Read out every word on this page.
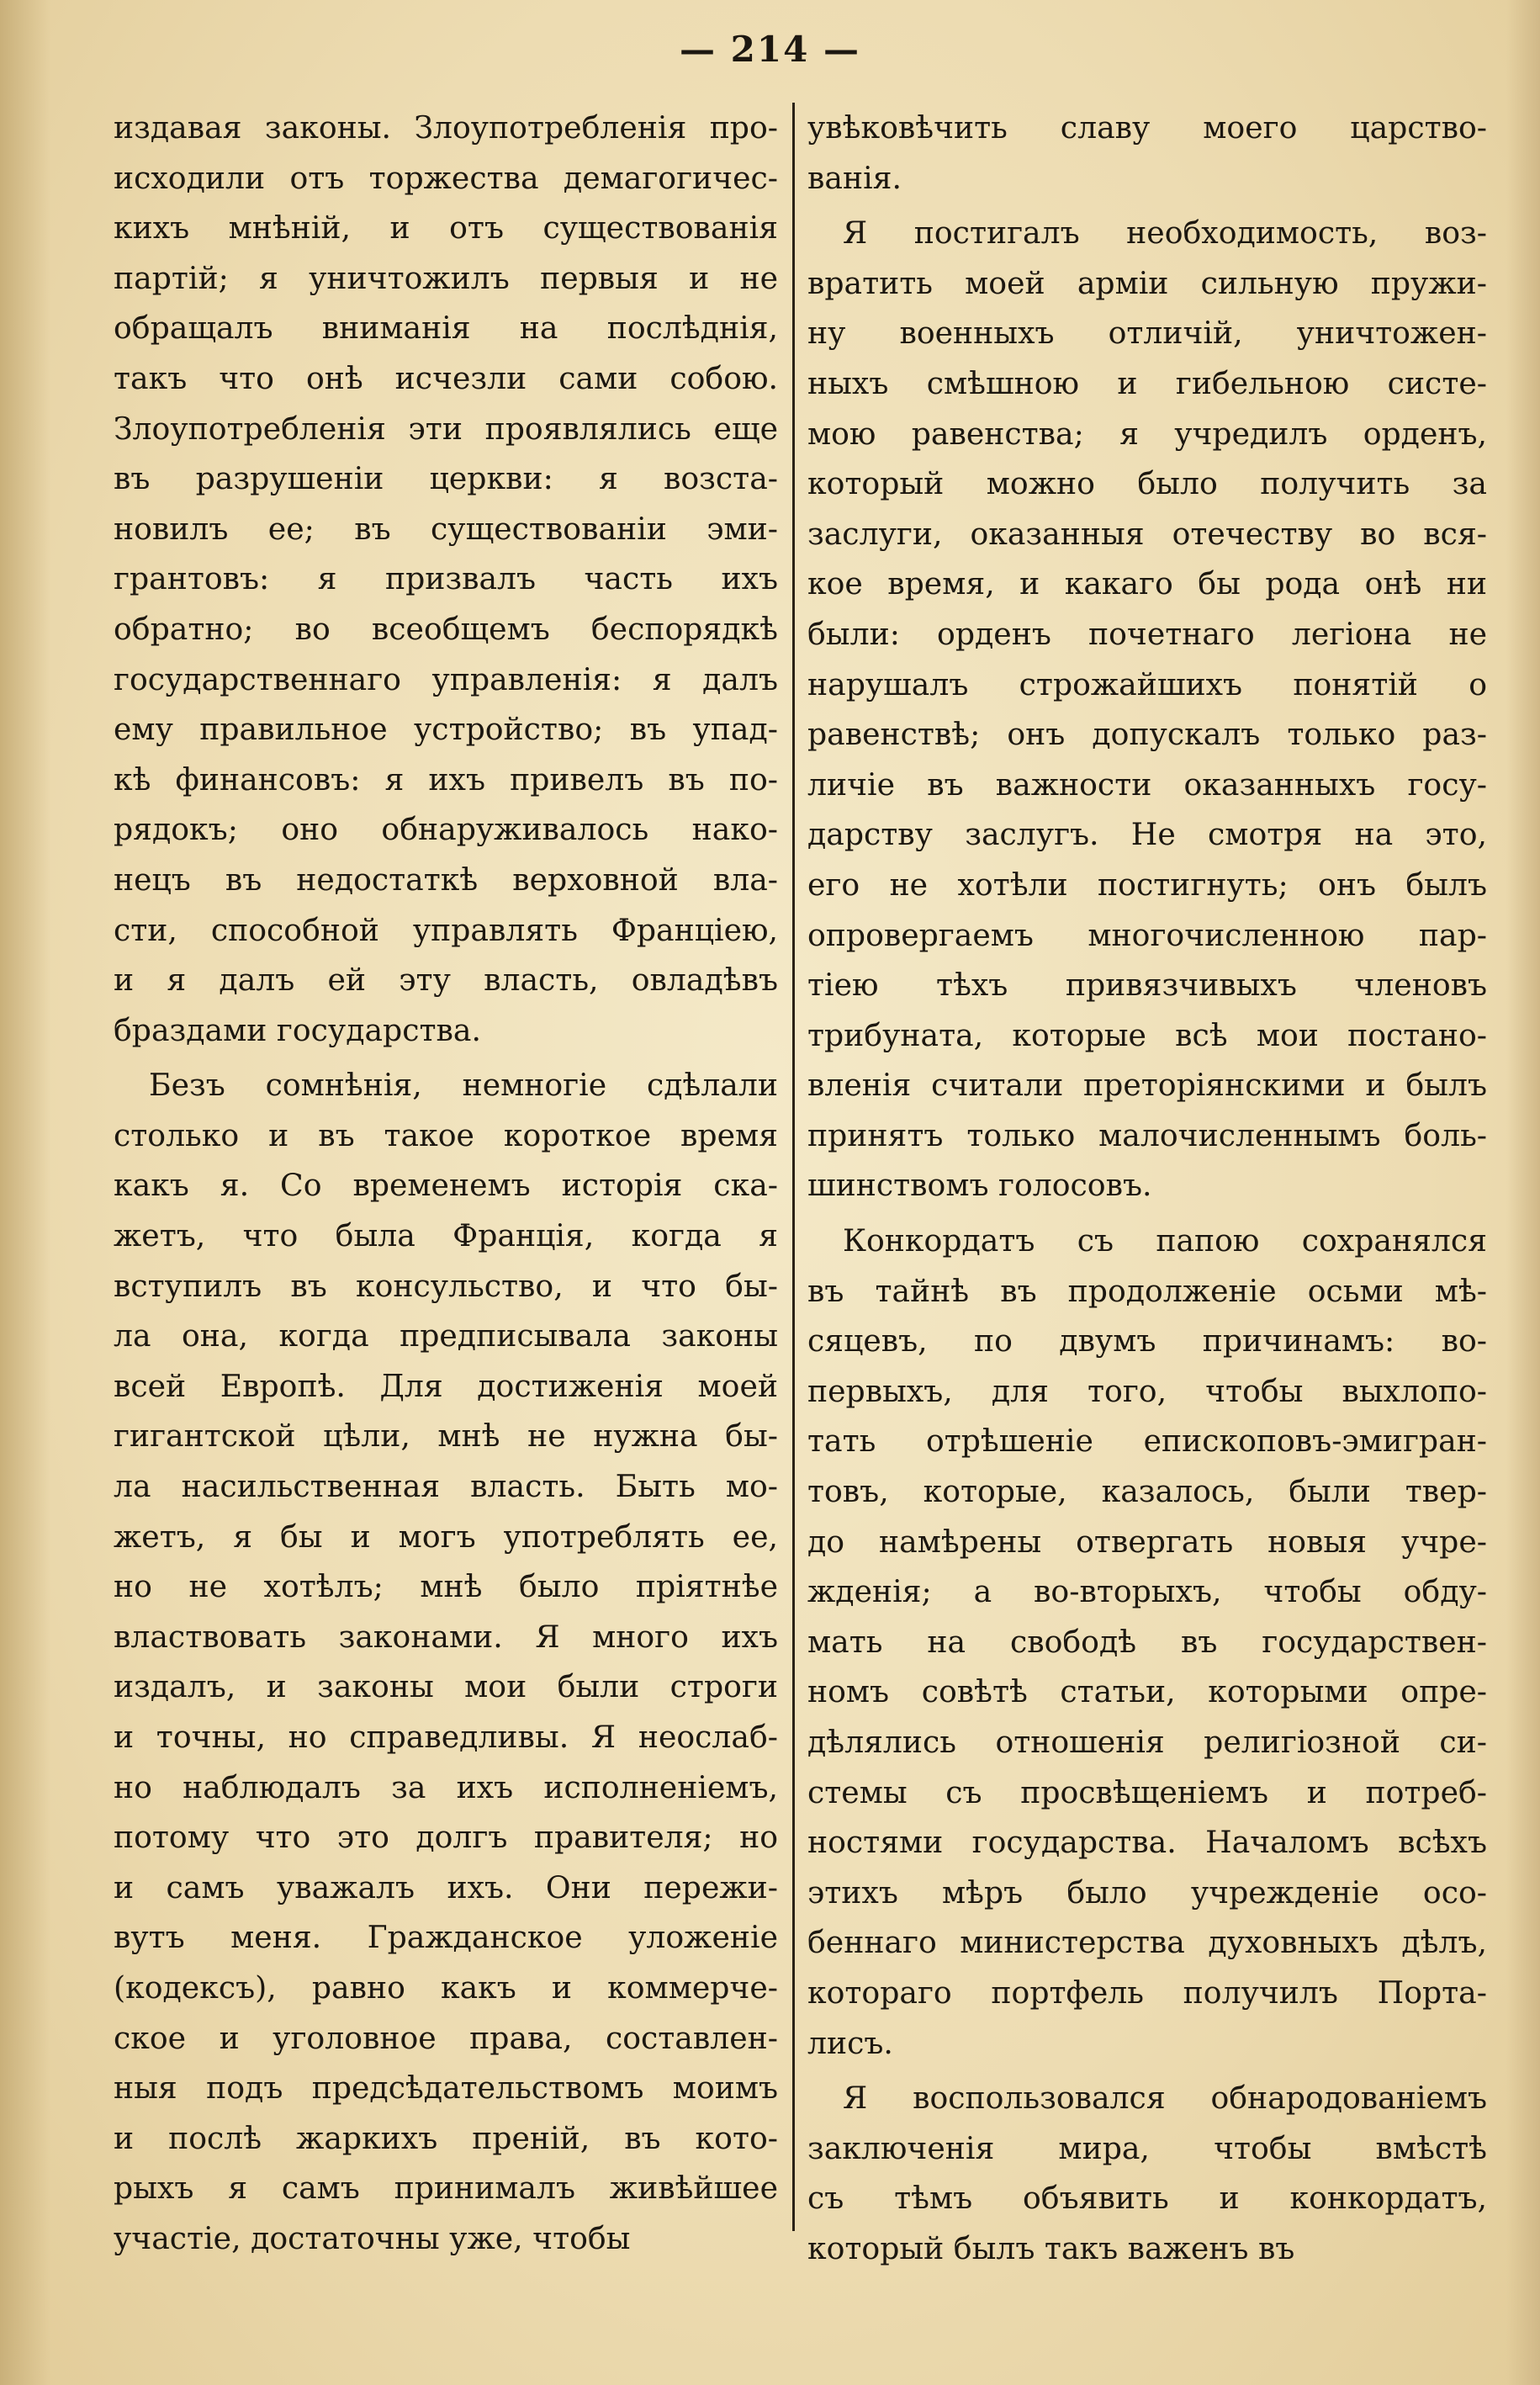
— 214 —
издавая законы. Злоупотребленія про-
исходили отъ торжества демагогичес-
кихъ мнѣній, и отъ существованія
партій; я уничтожилъ первыя и не
обращалъ вниманія на послѣднія,
такъ что онѣ исчезли сами собою.
Злоупотребленія эти проявлялись еще
въ разрушеніи церкви: я возста-
новилъ ее; въ существованіи эми-
грантовъ: я призвалъ часть ихъ
обратно; во всеобщемъ беспорядкѣ
государственнаго управленія: я далъ
ему правильное устройство; въ упад-
кѣ финансовъ: я ихъ привелъ въ по-
рядокъ; оно обнаруживалось нако-
нецъ въ недостаткѣ верховной вла-
сти, способной управлять Франціею,
и я далъ ей эту власть, овладѣвъ
браздами государства.
Безъ сомнѣнія, немногіе сдѣлали
столько и въ такое короткое время
какъ я. Со временемъ исторія ска-
жетъ, что была Франція, когда я
вступилъ въ консульство, и что бы-
ла она, когда предписывала законы
всей Европѣ. Для достиженія моей
гигантской цѣли, мнѣ не нужна бы-
ла насильственная власть. Быть мо-
жетъ, я бы и могъ употреблять ее,
но не хотѣлъ; мнѣ было пріятнѣе
властвовать законами. Я много ихъ
издалъ, и законы мои были строги
и точны, но справедливы. Я неослаб-
но наблюдалъ за ихъ исполненіемъ,
потому что это долгъ правителя; но
и самъ уважалъ ихъ. Они пережи-
вутъ меня. Гражданское уложеніе
(кодексъ), равно какъ и коммерче-
ское и уголовное права, составлен-
ныя подъ предсѣдательствомъ моимъ
и послѣ жаркихъ преній, въ кото-
рыхъ я самъ принималъ живѣйшее
участіе, достаточны уже, чтобы
увѣковѣчить славу моего царство-
ванія.
Я постигалъ необходимость, воз-
вратить моей арміи сильную пружи-
ну военныхъ отличій, уничтожен-
ныхъ смѣшною и гибельною систе-
мою равенства; я учредилъ орденъ,
который можно было получить за
заслуги, оказанныя отечеству во вся-
кое время, и какаго бы рода онѣ ни
были: орденъ почетнаго легіона не
нарушалъ строжайшихъ понятій о
равенствѣ; онъ допускалъ только раз-
личіе въ важности оказанныхъ госу-
дарству заслугъ. Не смотря на это,
его не хотѣли постигнуть; онъ былъ
опровергаемъ многочисленною пар-
тіею тѣхъ привязчивыхъ членовъ
трибуната, которые всѣ мои постано-
вленія считали преторіянскими и былъ
принятъ только малочисленнымъ боль-
шинствомъ голосовъ.
Конкордатъ съ папою сохранялся
въ тайнѣ въ продолженіе осьми мѣ-
сяцевъ, по двумъ причинамъ: во-
первыхъ, для того, чтобы выхлопо-
тать отрѣшеніе епископовъ-эмигран-
товъ, которые, казалось, были твер-
до намѣрены отвергать новыя учре-
жденія; а во-вторыхъ, чтобы обду-
мать на свободѣ въ государствен-
номъ совѣтѣ статьи, которыми опре-
дѣлялись отношенія религіозной си-
стемы съ просвѣщеніемъ и потреб-
ностями государства. Началомъ всѣхъ
этихъ мѣръ было учрежденіе осо-
беннаго министерства духовныхъ дѣлъ,
котораго портфель получилъ Порта-
лисъ.
Я воспользовался обнародованіемъ
заключенія мира, чтобы вмѣстѣ
съ тѣмъ объявить и конкордатъ,
который былъ такъ важенъ въ
